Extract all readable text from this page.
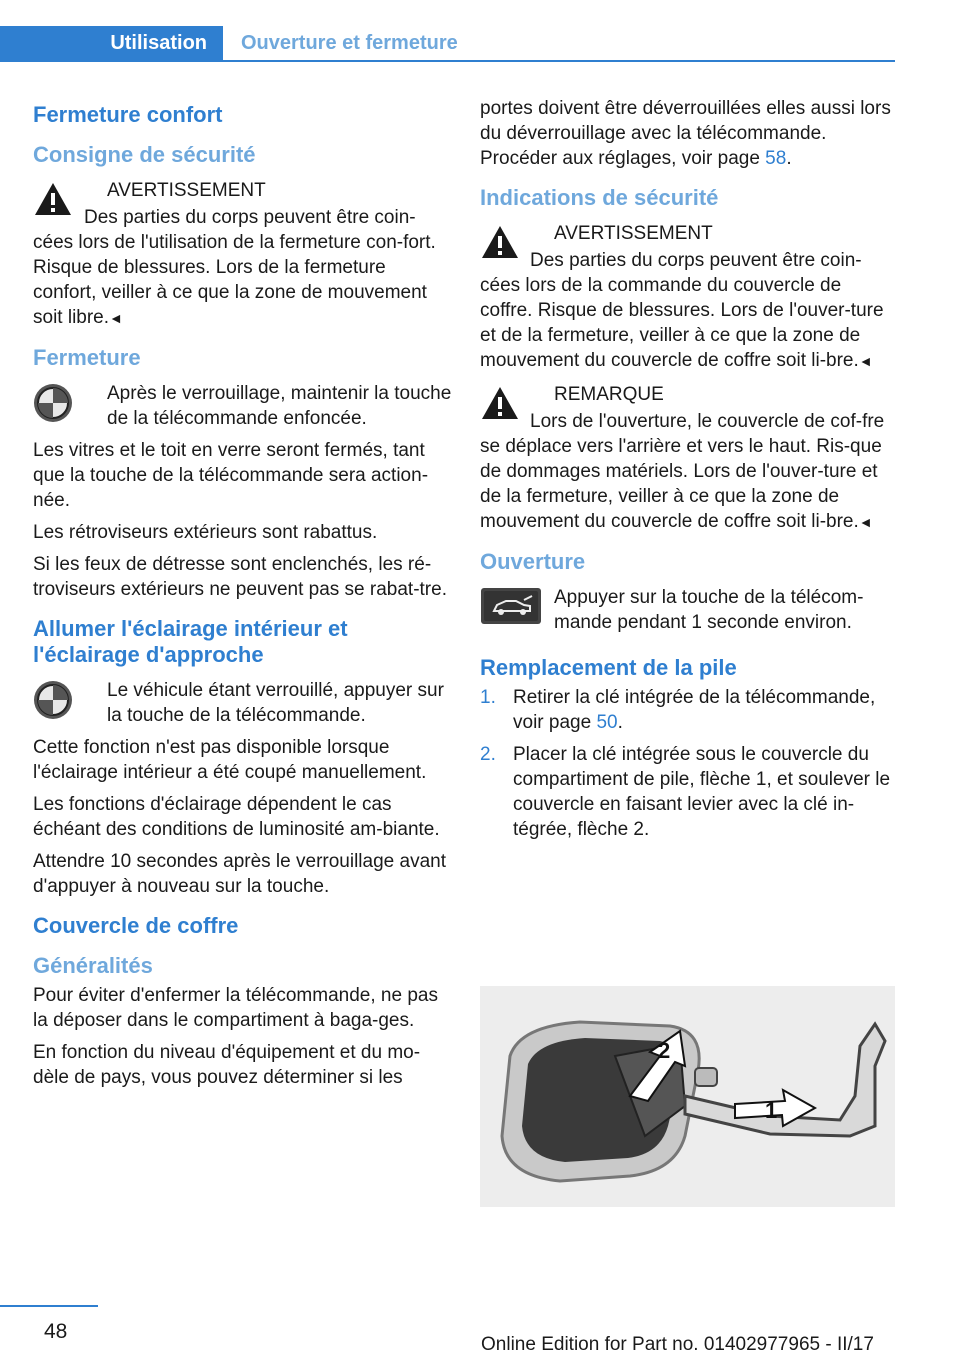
Utilisation	Ouverture et fermeture
Fermeture confort
Consigne de sécurité
AVERTISSEMENT
Des parties du corps peuvent être coin-cées lors de l'utilisation de la fermeture con-fort. Risque de blessures. Lors de la fermeture confort, veiller à ce que la zone de mouvement soit libre.◄
Fermeture
Après le verrouillage, maintenir la touche de la télécommande enfoncée.
Les vitres et le toit en verre seront fermés, tant que la touche de la télécommande sera action-née.
Les rétroviseurs extérieurs sont rabattus.
Si les feux de détresse sont enclenchés, les ré-troviseurs extérieurs ne peuvent pas se rabat-tre.
Allumer l'éclairage intérieur et l'éclairage d'approche
Le véhicule étant verrouillé, appuyer sur la touche de la télécommande.
Cette fonction n'est pas disponible lorsque l'éclairage intérieur a été coupé manuellement.
Les fonctions d'éclairage dépendent le cas échéant des conditions de luminosité am-biante.
Attendre 10 secondes après le verrouillage avant d'appuyer à nouveau sur la touche.
Couvercle de coffre
Généralités
Pour éviter d'enfermer la télécommande, ne pas la déposer dans le compartiment à baga-ges.
En fonction du niveau d'équipement et du mo-dèle de pays, vous pouvez déterminer si les
portes doivent être déverrouillées elles aussi lors du déverrouillage avec la télécommande. Procéder aux réglages, voir page 58.
Indications de sécurité
AVERTISSEMENT
Des parties du corps peuvent être coin-cées lors de la commande du couvercle de coffre. Risque de blessures. Lors de l'ouver-ture et de la fermeture, veiller à ce que la zone de mouvement du couvercle de coffre soit li-bre.◄
REMARQUE
Lors de l'ouverture, le couvercle de cof-fre se déplace vers l'arrière et vers le haut. Ris-que de dommages matériels. Lors de l'ouver-ture et de la fermeture, veiller à ce que la zone de mouvement du couvercle de coffre soit li-bre.◄
Ouverture
Appuyer sur la touche de la télécom-mande pendant 1 seconde environ.
Remplacement de la pile
1. Retirer la clé intégrée de la télécommande, voir page 50.
2. Placer la clé intégrée sous le couvercle du compartiment de pile, flèche 1, et soulever le couvercle en faisant levier avec la clé in-tégrée, flèche 2.
1
2
48
Online Edition for Part no. 01402977965 - II/17
